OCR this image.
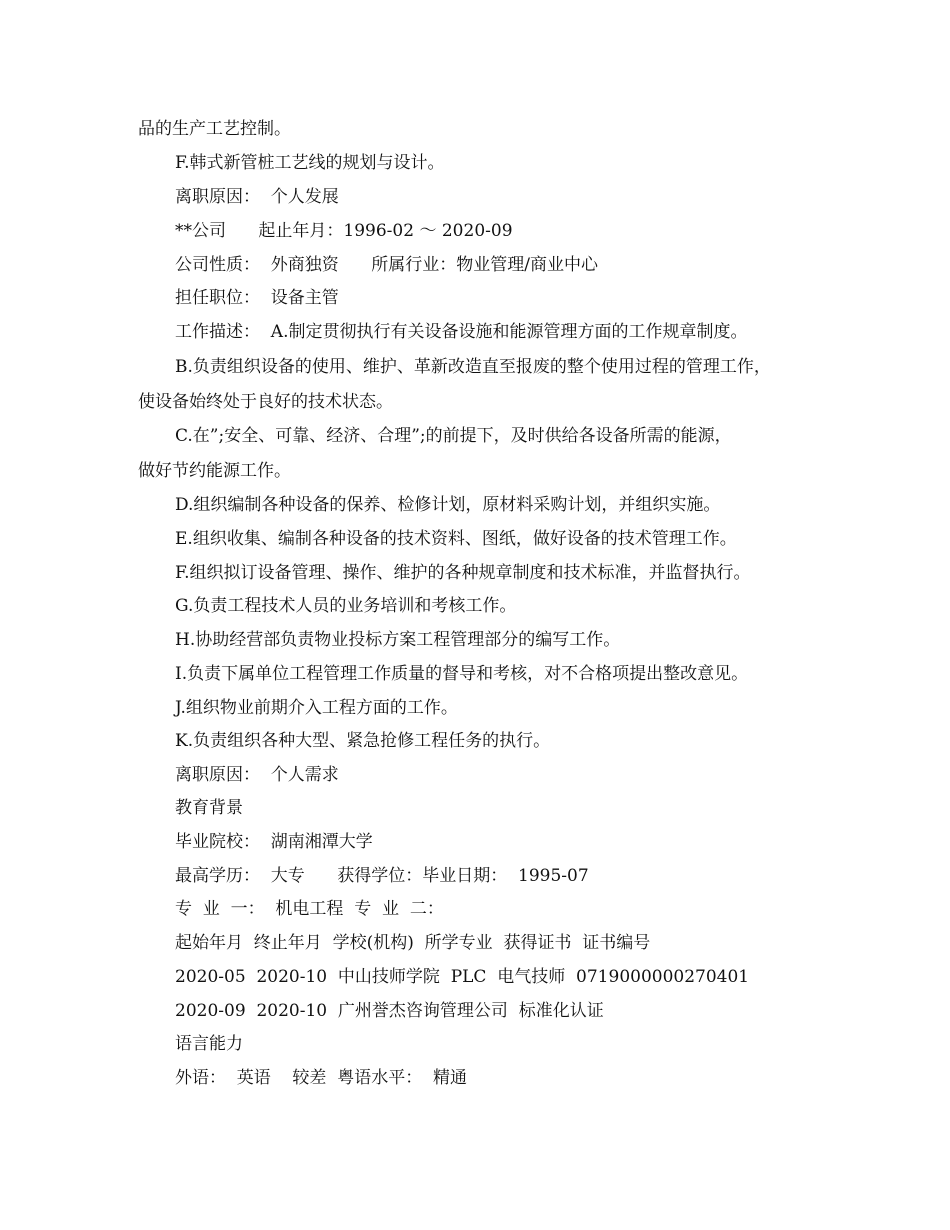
品的生产工艺控制。
F.韩式新管桩工艺线的规划与设计。
离职原因：  个人发展
**公司      起止年月：1996-02 ～ 2020-09
公司性质：  外商独资      所属行业：物业管理/商业中心
担任职位：  设备主管
工作描述：  A.制定贯彻执行有关设备设施和能源管理方面的工作规章制度。
B.负责组织设备的使用、维护、革新改造直至报废的整个使用过程的管理工作，
使设备始终处于良好的技术状态。
C.在”;安全、可靠、经济、合理”;的前提下，及时供给各设备所需的能源，
做好节约能源工作。
D.组织编制各种设备的保养、检修计划，原材料采购计划，并组织实施。
E.组织收集、编制各种设备的技术资料、图纸，做好设备的技术管理工作。
F.组织拟订设备管理、操作、维护的各种规章制度和技术标准，并监督执行。
G.负责工程技术人员的业务培训和考核工作。
H.协助经营部负责物业投标方案工程管理部分的编写工作。
I.负责下属单位工程管理工作质量的督导和考核，对不合格项提出整改意见。
J.组织物业前期介入工程方面的工作。
K.负责组织各种大型、紧急抢修工程任务的执行。
离职原因：  个人需求
教育背景
毕业院校：  湖南湘潭大学
最高学历：  大专      获得学位：毕业日期：  1995-07
专  业  一：  机电工程  专  业  二：
起始年月  终止年月  学校(机构)  所学专业  获得证书  证书编号
2020-05  2020-10  中山技师学院  PLC  电气技师  0719000000270401
2020-09  2020-10  广州誉杰咨询管理公司  标准化认证
语言能力
外语：  英语    较差  粤语水平：  精通
